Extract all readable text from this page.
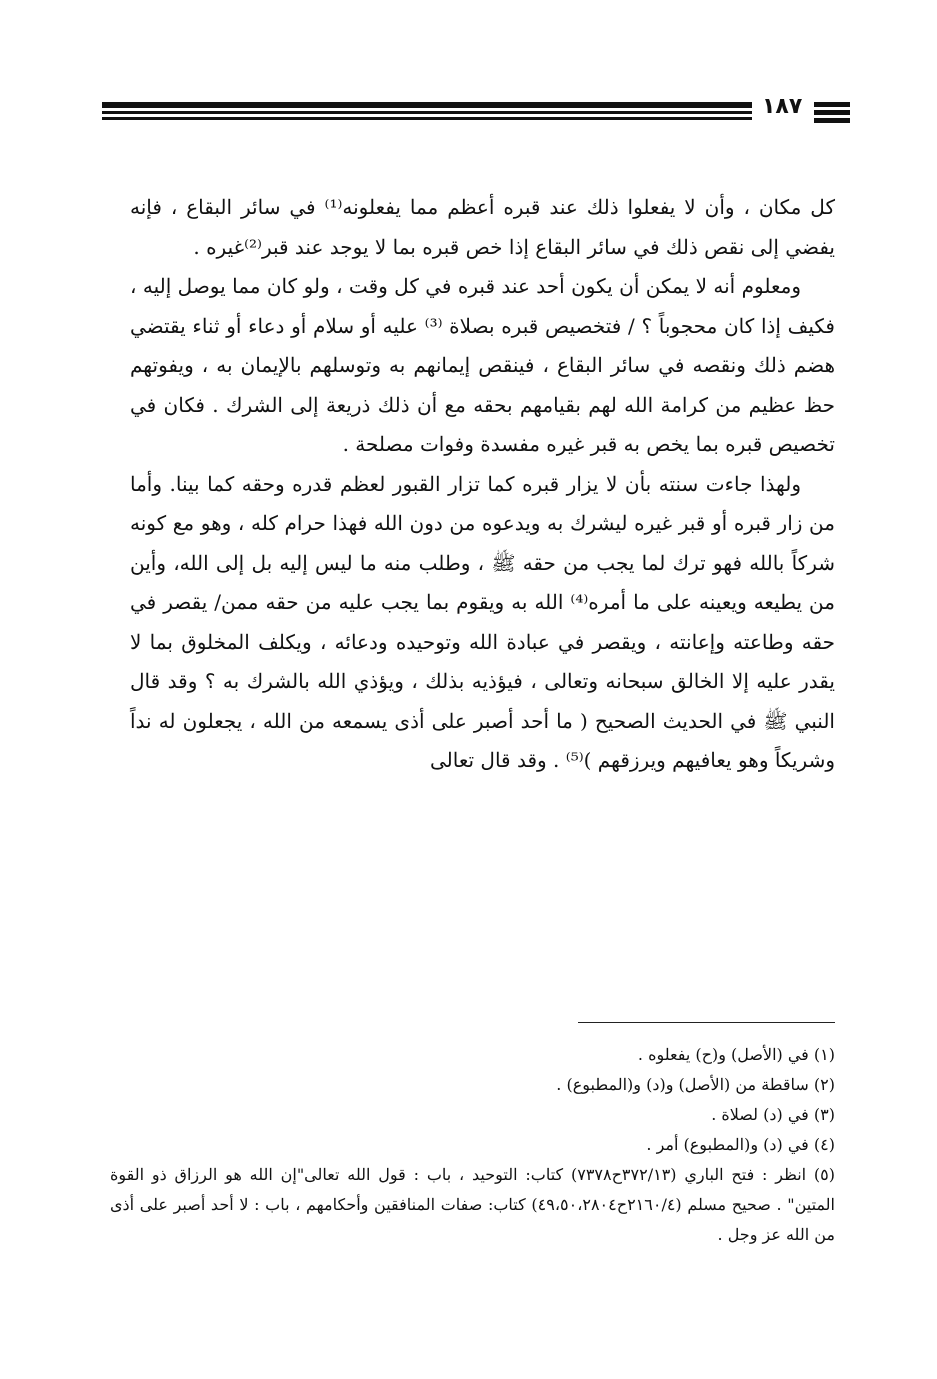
١٨٧

كل مكان ، وأن لا يفعلوا ذلك عند قبره أعظم مما يفعلونه⁽¹⁾ في سائر البقاع ، فإنه يفضي إلى نقص ذلك في سائر البقاع إذا خص قبره بما لا يوجد عند قبر⁽²⁾غيره .

ومعلوم أنه لا يمكن أن يكون أحد عند قبره في كل وقت ، ولو كان مما يوصل إليه ، فكيف إذا كان محجوباً ؟ / فتخصيص قبره بصلاة ⁽³⁾ عليه أو سلام أو دعاء أو ثناء يقتضي هضم ذلك ونقصه في سائر البقاع ، فينقص إيمانهم به وتوسلهم بالإيمان به ، ويفوتهم حظ عظيم من كرامة الله لهم بقيامهم بحقه مع أن ذلك ذريعة إلى الشرك . فكان في تخصيص قبره بما يخص به قبر غيره مفسدة وفوات مصلحة .

ولهذا جاءت سنته بأن لا يزار قبره كما تزار القبور لعظم قدره وحقه كما بينا. وأما من زار قبره أو قبر غيره ليشرك به ويدعوه من دون الله فهذا حرام كله ، وهو مع كونه شركاً بالله فهو ترك لما يجب من حقه ﷺ ، وطلب منه ما ليس إليه بل إلى الله، وأين من يطيعه ويعينه على ما أمره⁽⁴⁾ الله به ويقوم بما يجب عليه من حقه ممن/ يقصر في حقه وطاعته وإعانته ، ويقصر في عبادة الله وتوحيده ودعائه ، ويكلف المخلوق بما لا يقدر عليه إلا الخالق سبحانه وتعالى ، فيؤذيه بذلك ، ويؤذي الله بالشرك به ؟ وقد قال النبي ﷺ في الحديث الصحيح ( ما أحد أصبر على أذى يسمعه من الله ، يجعلون له نداً وشريكاً وهو يعافيهم ويرزقهم )⁽⁵⁾ . وقد قال تعالى

(١) في (الأصل) و(ح) يفعلوه .

(٢) ساقطة من (الأصل) و(د) و(المطبوع) .

(٣) في (د) لصلاة .

(٤) في (د) و(المطبوع) أمر .

(٥) انظر : فتح الباري (٣٧٢/١٣ح٧٣٧٨) كتاب: التوحيد ، باب : قول الله تعالى"إن الله هو الرزاق ذو القوة المتين" . صحيح مسلم (٢١٦٠/٤ح٤٩،٥٠،٢٨٠٤) كتاب: صفات المنافقين وأحكامهم ، باب : لا أحد أصبر على أذى من الله عز وجل .
